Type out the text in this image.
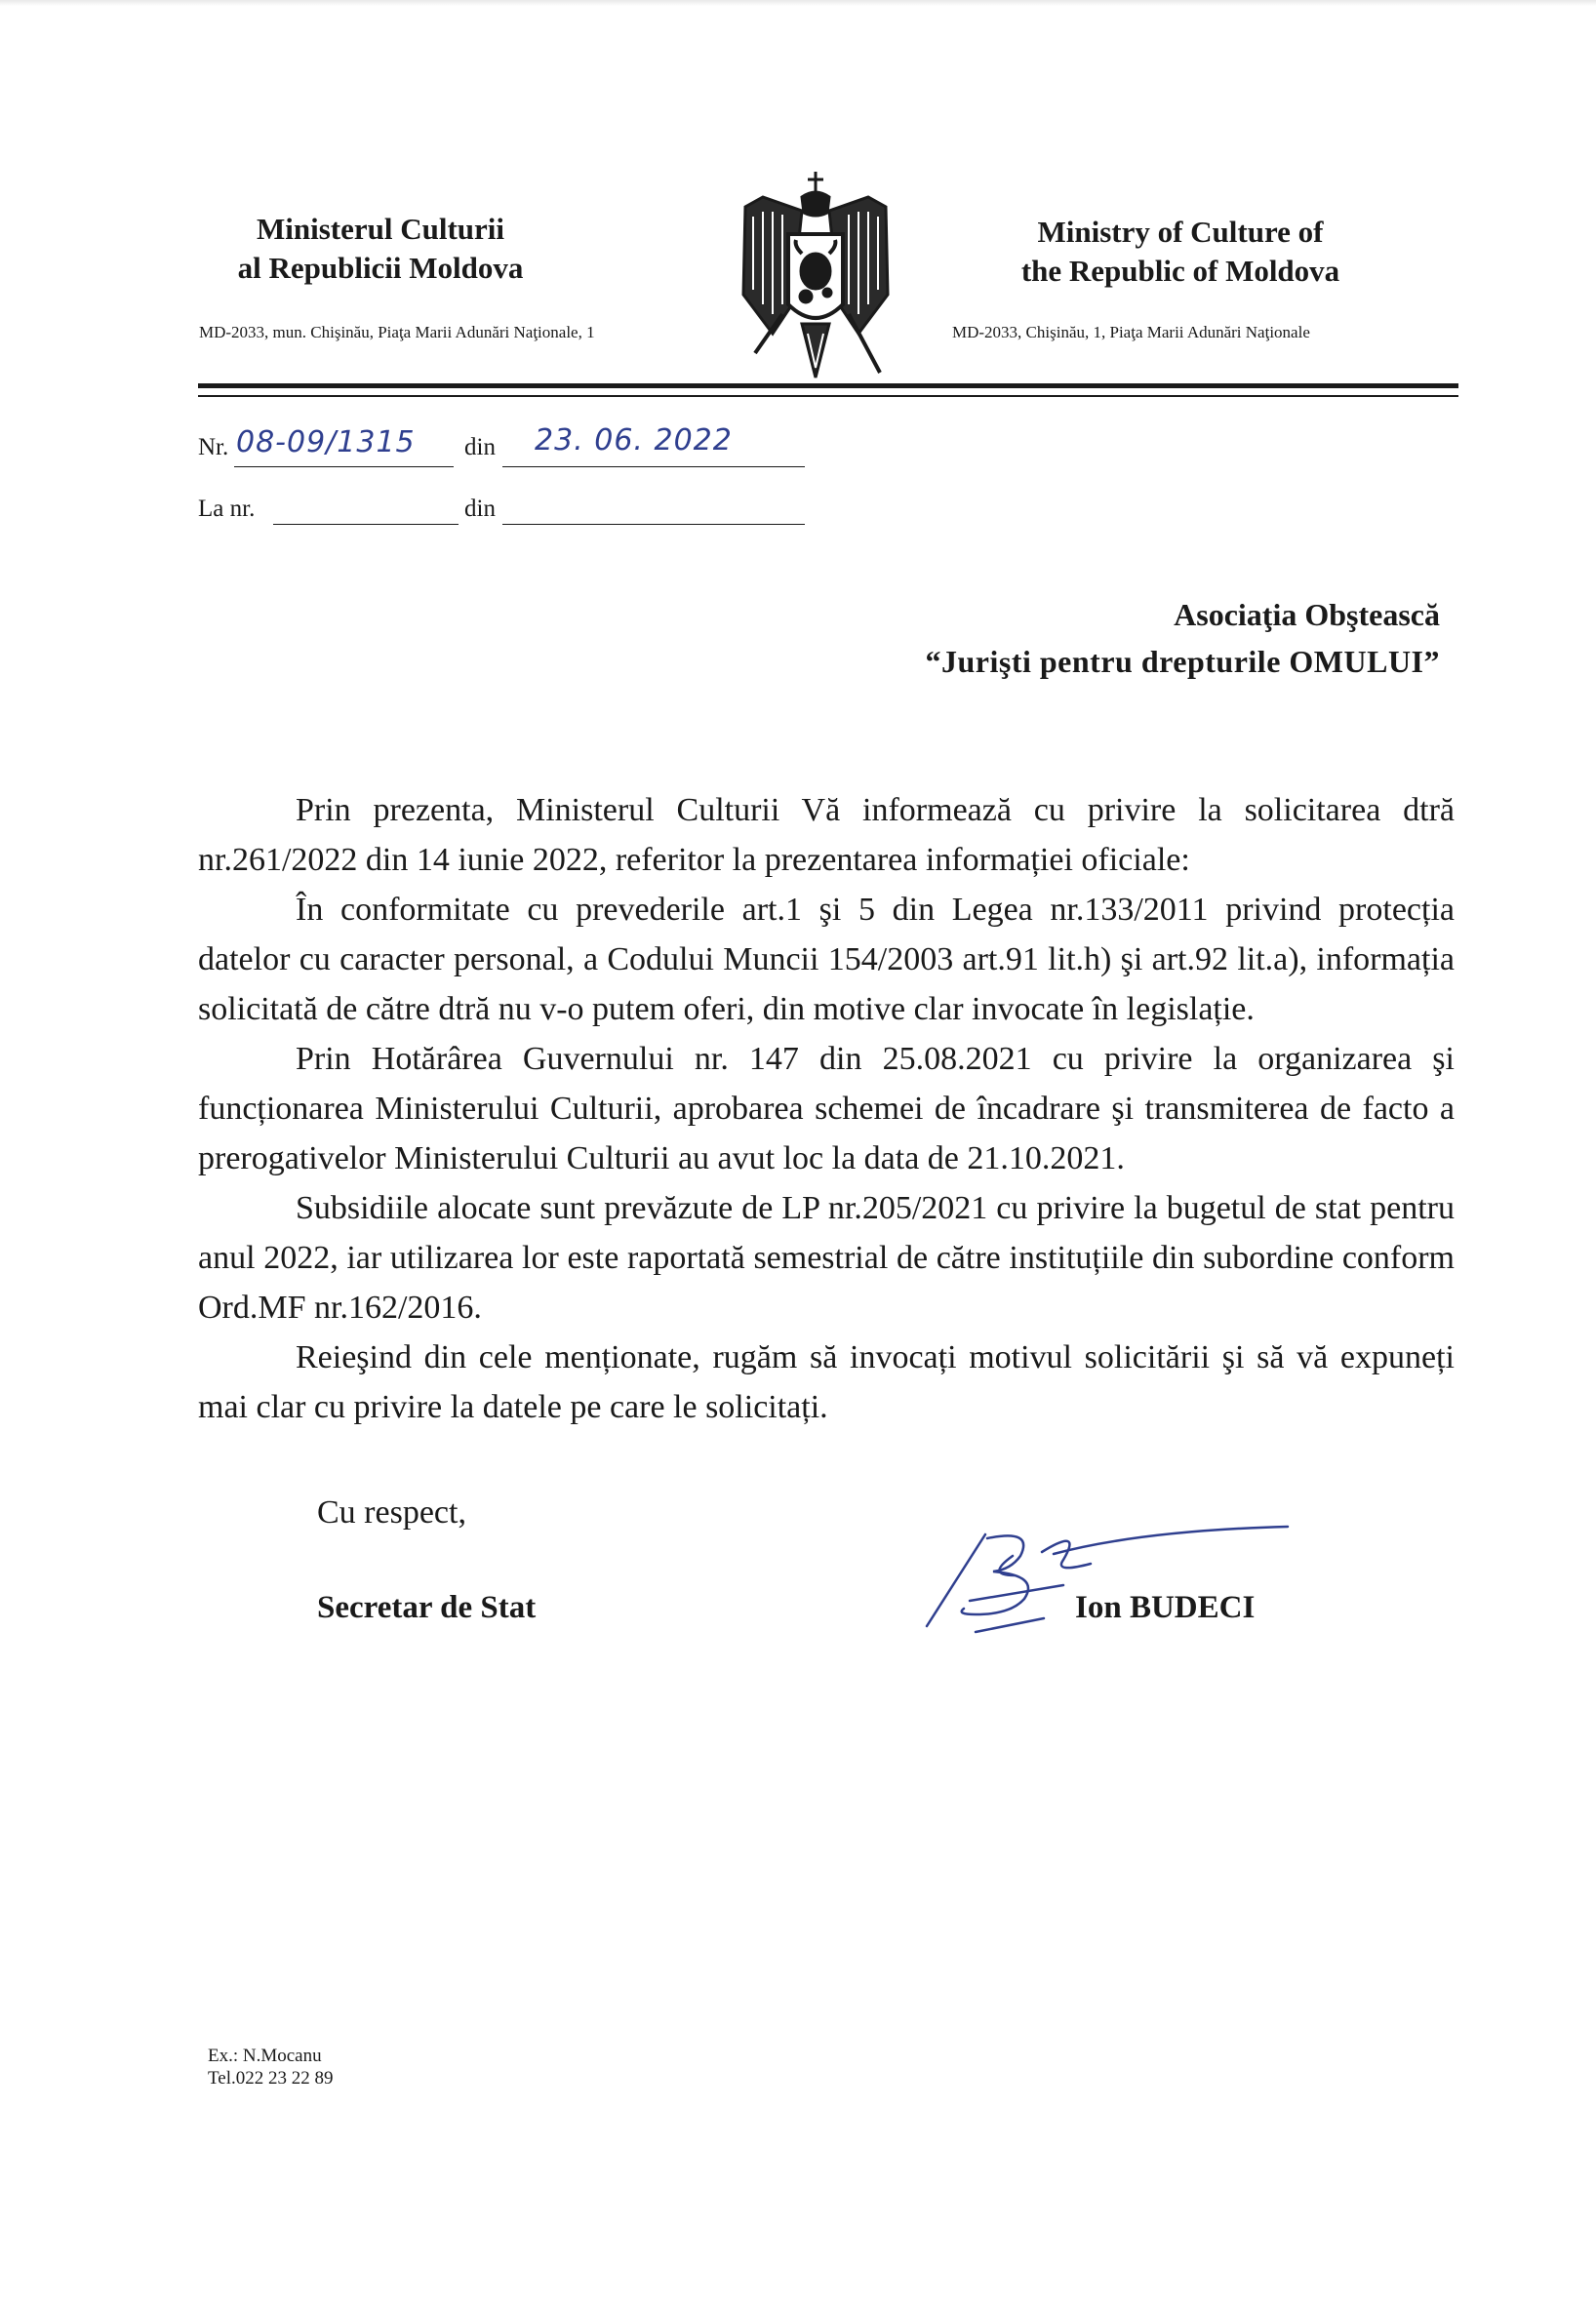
Ministerul Culturii
al Republicii Moldova
MD-2033, mun. Chişinău, Piaţa Marii Adunări Naţionale, 1
Ministry of Culture of
the Republic of Moldova
MD-2033, Chişinău, 1, Piaţa Marii Adunări Naţionale
Nr. 08-09/1315 din 23. 06. 2022
La nr.	din
Asociaţia Obştească
“Jurişti pentru drepturile OMULUI”

Prin prezenta, Ministerul Culturii Vă informează cu privire la solicitarea dtră nr.261/2022 din 14 iunie 2022, referitor la prezentarea informației oficiale:

În conformitate cu prevederile art.1 şi 5 din Legea nr.133/2011 privind protecția datelor cu caracter personal, a Codului Muncii 154/2003 art.91 lit.h) şi art.92 lit.a), informația solicitată de către dtră nu v-o putem oferi, din motive clar invocate în legislație.

Prin Hotărârea Guvernului nr. 147 din 25.08.2021 cu privire la organizarea şi funcționarea Ministerului Culturii, aprobarea schemei de încadrare şi transmiterea de facto a prerogativelor Ministerului Culturii au avut loc la data de 21.10.2021.

Subsidiile alocate sunt prevăzute de LP nr.205/2021 cu privire la bugetul de stat pentru anul 2022, iar utilizarea lor este raportată semestrial de către instituțiile din subordine conform Ord.MF nr.162/2016.

Reieşind din cele menționate, rugăm să invocați motivul solicitării şi să vă expuneți mai clar cu privire la datele pe care le solicitați.

Cu respect,
Secretar de Stat	Ion BUDECI
Ex.: N.Mocanu
Tel.022 23 22 89
